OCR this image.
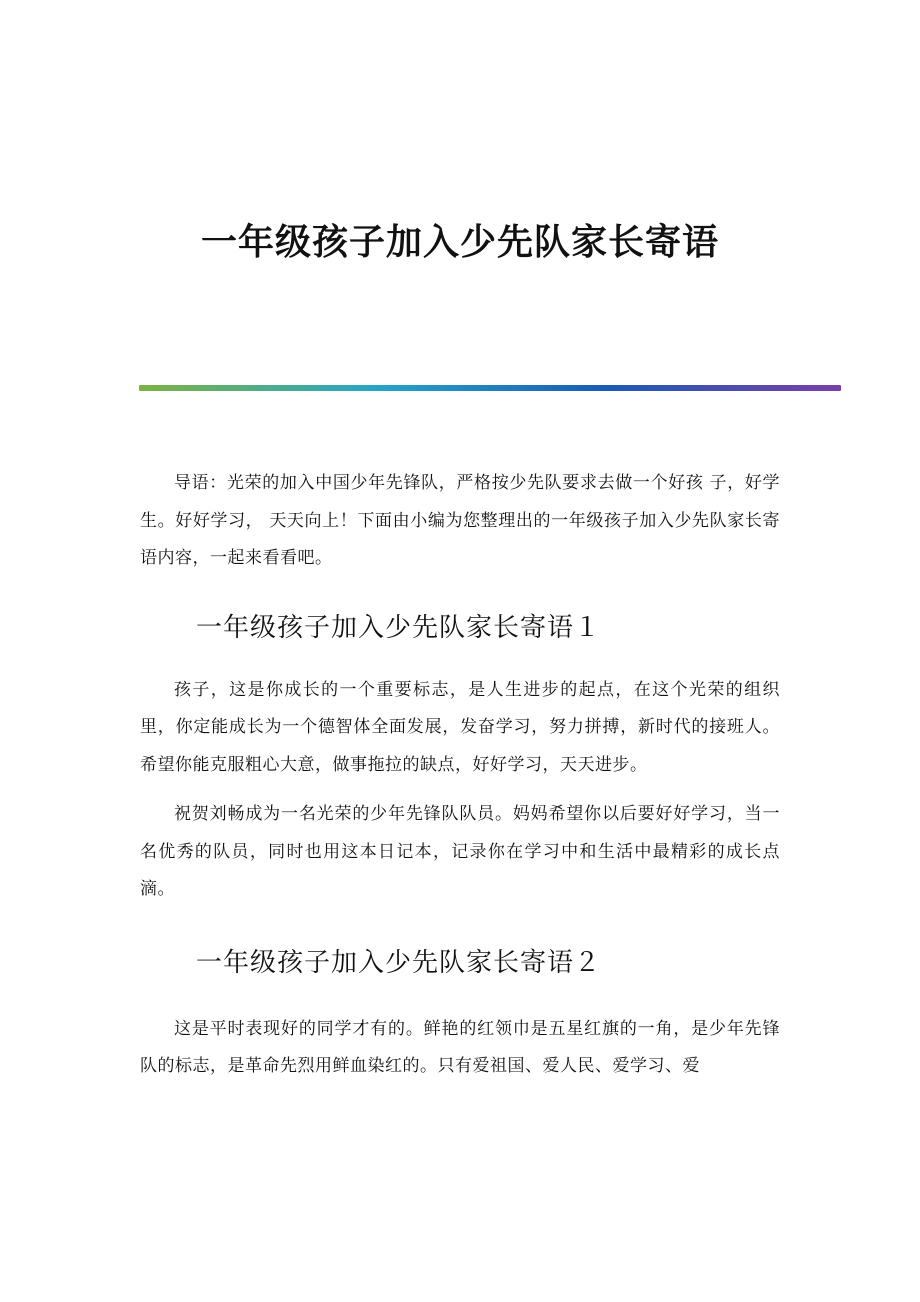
一年级孩子加入少先队家长寄语

导语：光荣的加入中国少年先锋队，严格按少先队要求去做一个好孩 子，好学生。好好学习， 天天向上！下面由小编为您整理出的一年级孩子加入少先队家长寄语内容，一起来看看吧。

一年级孩子加入少先队家长寄语１

孩子，这是你成长的一个重要标志，是人生进步的起点，在这个光荣的组织里，你定能成长为一个德智体全面发展，发奋学习，努力拼搏，新时代的接班人。希望你能克服粗心大意，做事拖拉的缺点，好好学习，天天进步。

祝贺刘畅成为一名光荣的少年先锋队队员。妈妈希望你以后要好好学习，当一名优秀的队员，同时也用这本日记本，记录你在学习中和生活中最精彩的成长点滴。

一年级孩子加入少先队家长寄语２

这是平时表现好的同学才有的。鲜艳的红领巾是五星红旗的一角，是少年先锋队的标志，是革命先烈用鲜血染红的。只有爱祖国、爱人民、爱学习、爱
